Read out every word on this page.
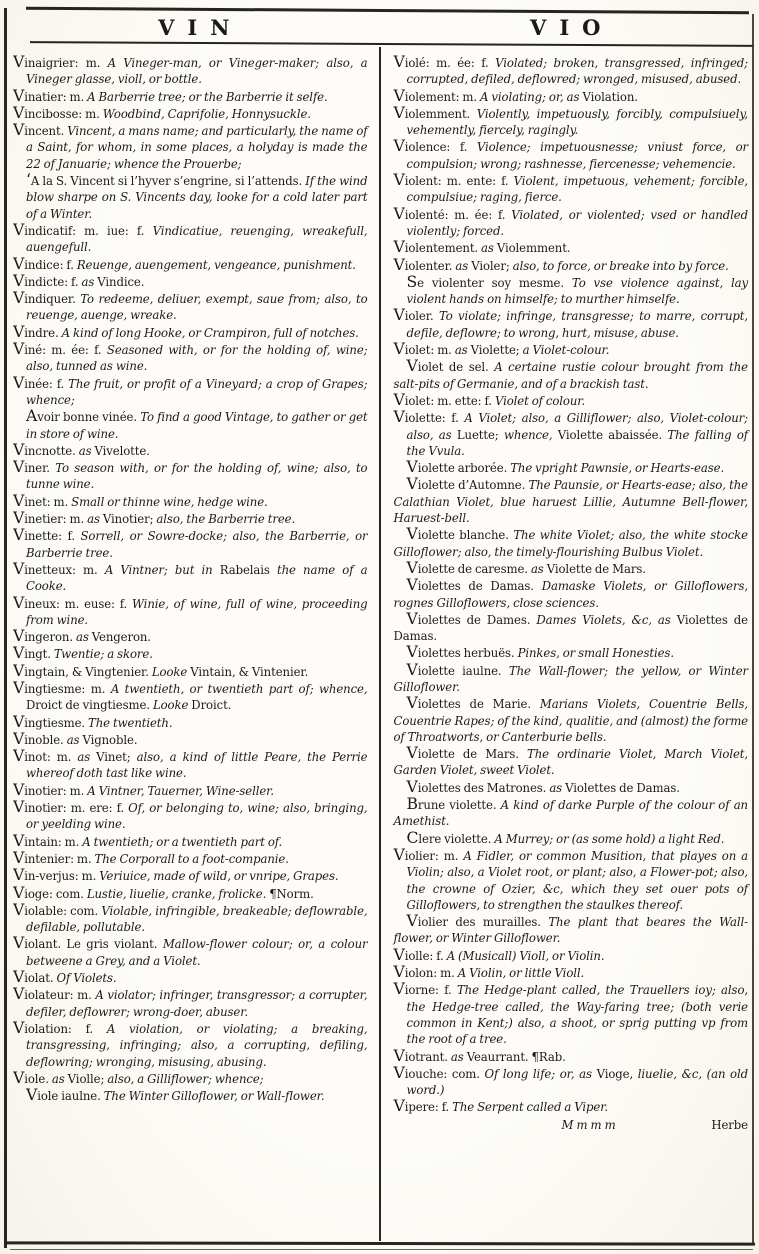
VIN	VIO
Vinaigrier: m. A Vineger-man, or Vineger-maker; also, a Vineger glasse, violl, or bottle.
Vinatier: m. A Barberrie tree; or the Barberrie it selfe.
Vincibosse: m. Woodbind, Caprifolie, Honnysuckle.
Vincent. Vincent, a mans name; and particularly, the name of a Saint, for whom, in some places, a holyday is made the 22 of Januarie; whence the Prouerbe;
‘A la S. Vincent si l’hyver s’engrine, si l’attends. If the wind blow sharpe on S. Vincents day, looke for a cold later part of a Winter.
Vindicatif: m. iue: f. Vindicatiue, reuenging, wreakefull, auengefull.
Vindice: f. Reuenge, auengement, vengeance, punishment.
Vindicte: f. as Vindice.
Vindiquer. To redeeme, deliuer, exempt, saue from; also, to reuenge, auenge, wreake.
Vindre. A kind of long Hooke, or Crampiron, full of notches.
Viné: m. ée: f. Seasoned with, or for the holding of, wine; also, tunned as wine.
Vinée: f. The fruit, or profit of a Vineyard; a crop of Grapes; whence;
Avoir bonne vinée. To find a good Vintage, to gather or get in store of wine.
Vincnotte. as Vivelotte.
Viner. To season with, or for the holding of, wine; also, to tunne wine.
Vinet: m. Small or thinne wine, hedge wine.
Vinetier: m. as Vinotier; also, the Barberrie tree.
Vinette: f. Sorrell, or Sowre-docke; also, the Barberrie, or Barberrie tree.
Vinetteux: m. A Vintner; but in Rabelais the name of a Cooke.
Vineux: m. euse: f. Winie, of wine, full of wine, proceeding from wine.
Vingeron. as Vengeron.
Vingt. Twentie; a skore.
Vingtain, & Vingtenier. Looke Vintain, & Vintenier.
Vingtiesme: m. A twentieth, or twentieth part of; whence, Droict de vingtiesme. Looke Droict.
Vingtiesme. The twentieth.
Vinoble. as Vignoble.
Vinot: m. as Vinet; also, a kind of little Peare, the Perrie whereof doth tast like wine.
Vinotier: m. A Vintner, Tauerner, Wine-seller.
Vinotier: m. ere: f. Of, or belonging to, wine; also, bringing, or yeelding wine.
Vintain: m. A twentieth; or a twentieth part of.
Vintenier: m. The Corporall to a foot-companie.
Vin-verjus: m. Veriuice, made of wild, or vnripe, Grapes.
Vioge: com. Lustie, liuelie, cranke, frolicke. ¶Norm.
Violable: com. Violable, infringible, breakeable; deflowrable, defilable, pollutable.
Violant. Le gris violant. Mallow-flower colour; or, a colour betweene a Grey, and a Violet.
Violat. Of Violets.
Violateur: m. A violator; infringer, transgressor; a corrupter, defiler, deflowrer; wrong-doer, abuser.
Violation: f. A violation, or violating; a breaking, transgressing, infringing; also, a corrupting, defiling, deflowring; wronging, misusing, abusing.
Viole. as Violle; also, a Gilliflower; whence;
Viole iaulne. The Winter Gilloflower, or Wall-flower.
Violé: m. ée: f. Violated; broken, transgressed, infringed; corrupted, defiled, deflowred; wronged, misused, abused.
Violement: m. A violating; or, as Violation.
Violemment. Violently, impetuously, forcibly, compulsiuely, vehemently, fiercely, ragingly.
Violence: f. Violence; impetuousnesse; vniust force, or compulsion; wrong; rashnesse, fiercenesse; vehemencie.
Violent: m. ente: f. Violent, impetuous, vehement; forcible, compulsiue; raging, fierce.
Violenté: m. ée: f. Violated, or violented; vsed or handled violently; forced.
Violentement. as Violemment.
Violenter. as Violer; also, to force, or breake into by force.
Se violenter soy mesme. To vse violence against, lay violent hands on himselfe; to murther himselfe.
Violer. To violate; infringe, transgresse; to marre, corrupt, defile, deflowre; to wrong, hurt, misuse, abuse.
Violet: m. as Violette; a Violet-colour.
Violet de sel. A certaine rustie colour brought from the salt-pits of Germanie, and of a brackish tast.
Violet: m. ette: f. Violet of colour.
Violette: f. A Violet; also, a Gilliflower; also, Violet-colour; also, as Luette; whence, Violette abaissée. The falling of the Vvula.
Violette arborée. The vpright Pawnsie, or Hearts-ease.
Violette d’Automne. The Paunsie, or Hearts-ease; also, the Calathian Violet, blue haruest Lillie, Autumne Bell-flower, Haruest-bell.
Violette blanche. The white Violet; also, the white stocke Gilloflower; also, the timely-flourishing Bulbus Violet.
Violette de caresme. as Violette de Mars.
Violettes de Damas. Damaske Violets, or Gilloflowers, rognes Gilloflowers, close sciences.
Violettes de Dames. Dames Violets, &c, as Violettes de Damas.
Violettes herbuës. Pinkes, or small Honesties.
Violette iaulne. The Wall-flower; the yellow, or Winter Gilloflower.
Violettes de Marie. Marians Violets, Couentrie Bells, Couentrie Rapes; of the kind, qualitie, and (almost) the forme of Throatworts, or Canterburie bells.
Violette de Mars. The ordinarie Violet, March Violet, Garden Violet, sweet Violet.
Violettes des Matrones. as Violettes de Damas.
Brune violette. A kind of darke Purple of the colour of an Amethist.
Clere violette. A Murrey; or (as some hold) a light Red.
Violier: m. A Fidler, or common Musition, that playes on a Violin; also, a Violet root, or plant; also, a Flower-pot; also, the crowne of Ozier, &c, which they set ouer pots of Gilloflowers, to strengthen the staulkes thereof.
Violier des murailles. The plant that beares the Wall-flower, or Winter Gilloflower.
Violle: f. A (Musicall) Violl, or Violin.
Violon: m. A Violin, or little Violl.
Viorne: f. The Hedge-plant called, the Trauellers ioy; also, the Hedge-tree called, the Way-faring tree; (both verie common in Kent;) also, a shoot, or sprig putting vp from the root of a tree.
Viotrant. as Veaurrant. ¶Rab.
Viouche: com. Of long life; or, as Vioge, liuelie, &c, (an old word.)
Vipere: f. The Serpent called a Viper.
Mmmm	Herbe
